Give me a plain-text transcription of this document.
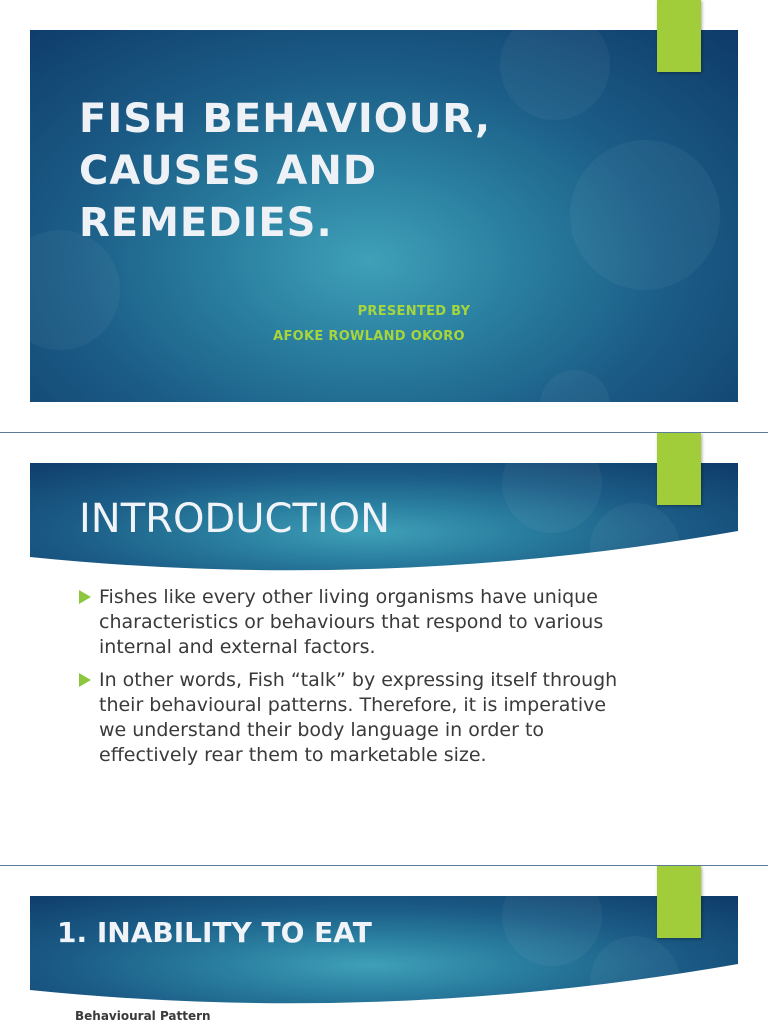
PRESENTED BY
AFOKE ROWLAND OKORO
FISH BEHAVIOUR,
CAUSES AND
REMEDIES.
INTRODUCTION
Fishes like every other living organisms have unique characteristics or behaviours that respond to various internal and external factors.
In other words, Fish “talk” by expressing itself through their behavioural patterns. Therefore, it is imperative we understand their body language in order to effectively rear them to marketable size.
1. INABILITY TO EAT
Behavioural Pattern
